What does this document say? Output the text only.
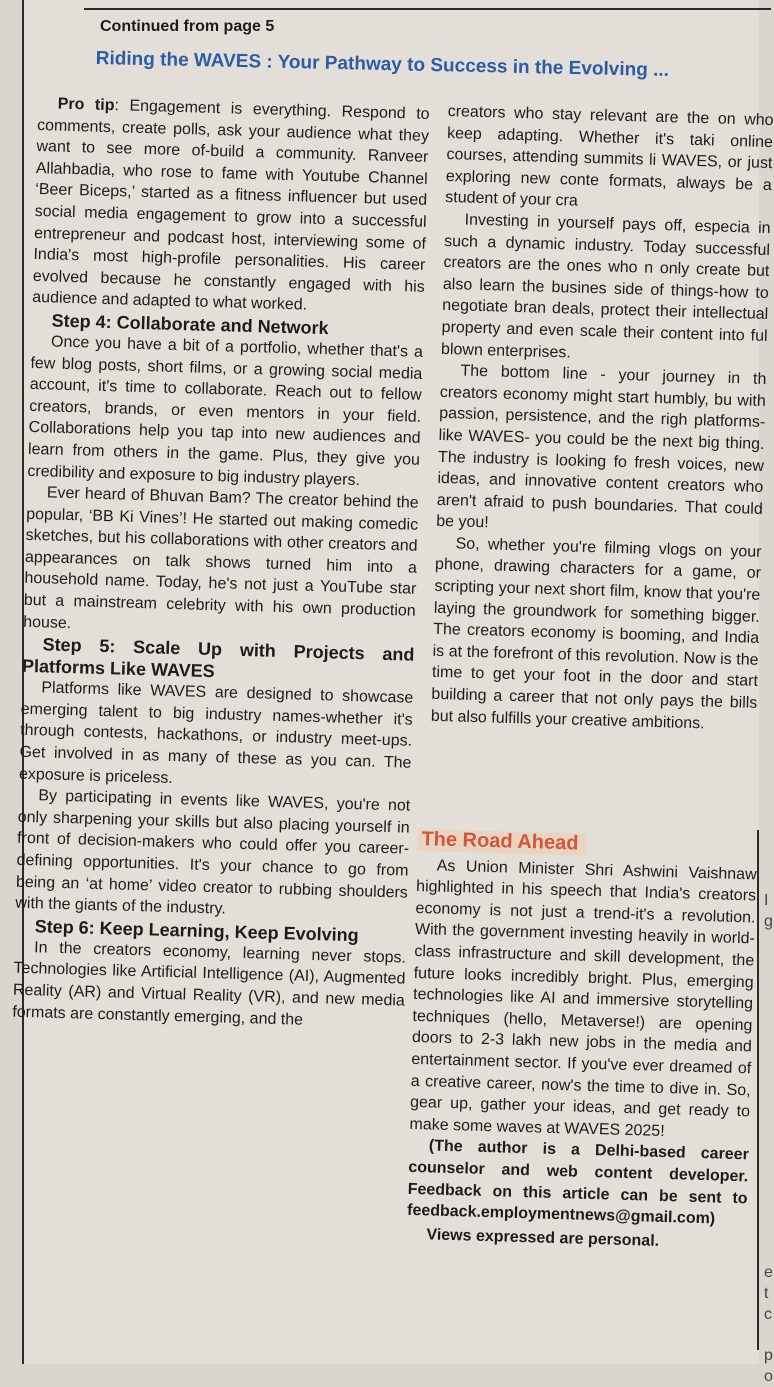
Continued from page 5
Riding the WAVES : Your Pathway to Success in the Evolving ...

Pro tip: Engagement is everything. Respond to comments, create polls, ask your audience what they want to see more of-build a community. Ranveer Allahbadia, who rose to fame with Youtube Channel ‘Beer Biceps,’ started as a fitness influencer but used social media engagement to grow into a successful entrepreneur and podcast host, interviewing some of India's most high-profile personalities. His career evolved because he constantly engaged with his audience and adapted to what worked.

Step 4: Collaborate and Network

Once you have a bit of a portfolio, whether that's a few blog posts, short films, or a growing social media account, it's time to collaborate. Reach out to fellow creators, brands, or even mentors in your field. Collaborations help you tap into new audiences and learn from others in the game. Plus, they give you credibility and exposure to big industry players.

Ever heard of Bhuvan Bam? The creator behind the popular, ‘BB Ki Vines’! He started out making comedic sketches, but his collaborations with other creators and appearances on talk shows turned him into a household name. Today, he's not just a YouTube star but a mainstream celebrity with his own production house.

Step 5: Scale Up with Projects and Platforms Like WAVES

Platforms like WAVES are designed to showcase emerging talent to big industry names-whether it's through contests, hackathons, or industry meet-ups. Get involved in as many of these as you can. The exposure is priceless.

By participating in events like WAVES, you're not only sharpening your skills but also placing yourself in front of decision-makers who could offer you career-defining opportunities. It's your chance to go from being an ‘at home’ video creator to rubbing shoulders with the giants of the industry.

Step 6: Keep Learning, Keep Evolving

In the creators economy, learning never stops. Technologies like Artificial Intelligence (AI), Augmented Reality (AR) and Virtual Reality (VR), and new media formats are constantly emerging, and the

creators who stay relevant are the on who keep adapting. Whether it's taki online courses, attending summits li WAVES, or just exploring new conte formats, always be a student of your cra

Investing in yourself pays off, especia in such a dynamic industry. Today successful creators are the ones who n only create but also learn the busines side of things-how to negotiate bran deals, protect their intellectual property and even scale their content into ful blown enterprises.

The bottom line - your journey in th creators economy might start humbly, bu with passion, persistence, and the righ platforms-like WAVES- you could be the next big thing. The industry is looking fo fresh voices, new ideas, and innovative content creators who aren't afraid to push boundaries. That could be you!

So, whether you're filming vlogs on your phone, drawing characters for a game, or scripting your next short film, know that you're laying the groundwork for something bigger. The creators economy is booming, and India is at the forefront of this revolution. Now is the time to get your foot in the door and start building a career that not only pays the bills but also fulfills your creative ambitions.

The Road Ahead

As Union Minister Shri Ashwini Vaishnaw highlighted in his speech that India's creators economy is not just a trend-it's a revolution. With the government investing heavily in world-class infrastructure and skill development, the future looks incredibly bright. Plus, emerging technologies like AI and immersive storytelling techniques (hello, Metaverse!) are opening doors to 2-3 lakh new jobs in the media and entertainment sector. If you've ever dreamed of a creative career, now's the time to dive in. So, gear up, gather your ideas, and get ready to make some waves at WAVES 2025!

(The author is a Delhi-based career counselor and web content developer. Feedback on this article can be sent to feedback.employmentnews@gmail.com)

Views expressed are personal.

I
g
e
t
c
p
o
